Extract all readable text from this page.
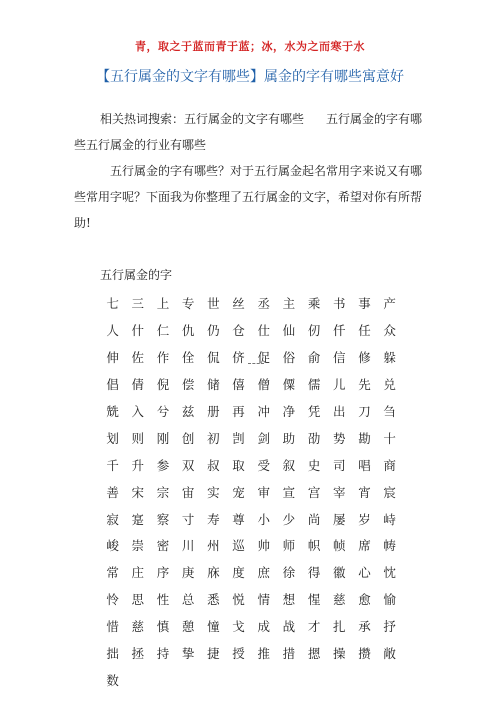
青，取之于蓝而青于蓝；冰，水为之而寒于水
【五行属金的文字有哪些】属金的字有哪些寓意好
相关热词搜索：五行属金的文字有哪些 五行属金的字有哪些五行属金的行业有哪些
五行属金的字有哪些？对于五行属金起名常用字来说又有哪些常用字呢？下面我为你整理了五行属金的文字，希望对你有所帮助!
五行属金的字
七	三	上	专	世	丝	丞	主	乘	书	事	产
人	什	仁	仇	仍	仓	仕	仙	仞	仟	任	众
伸	佐	作	佺	侃	侪	促	俗	俞	信	修	躲
倡	倩	倪	偿	储	僖	僧	僳	儒	儿	先	兑
兟	入	兮	兹	册	再	冲	净	凭	出	刀	刍
划	则	刚	创	初	剀	剑	助	劭	势	勘	十
千	升	参	双	叔	取	受	叙	史	司	唱	商
善	宋	宗	宙	实	宠	审	宣	宫	宰	宵	宸
寂	寔	察	寸	寿	尊	小	少	尚	屡	岁	峙
峻	崇	密	川	州	巡	帅	师	帜	帧	席	帱
常	庄	序	庚	庥	度	庶	徐	得	徽	心	忱
怜	思	性	总	悉	悦	情	想	惺	慈	愈	愉
惜	慈	慎	憩	憧	戈	成	战	才	扎	承	抒
拙	拯	持	挚	捷	授	推	措	摁	操	攒	敞
数
